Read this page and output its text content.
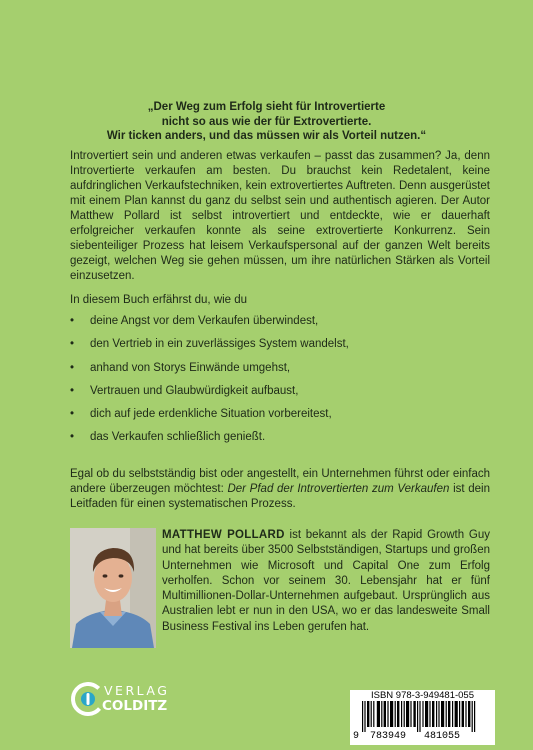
„Der Weg zum Erfolg sieht für Introvertierte
nicht so aus wie der für Extrovertierte.
Wir ticken anders, und das müssen wir als Vorteil nutzen.“
Introvertiert sein und anderen etwas verkaufen – passt das zusammen? Ja, denn Introvertierte verkaufen am besten. Du brauchst kein Redetalent, keine aufdringlichen Verkaufstechniken, kein extrovertiertes Auftreten. Denn ausgerüstet mit einem Plan kannst du ganz du selbst sein und authentisch agieren. Der Autor Matthew Pollard ist selbst introvertiert und entdeckte, wie er dauerhaft erfolgreicher verkaufen konnte als seine extrovertierte Konkurrenz. Sein siebenteiliger Prozess hat leisem Verkaufspersonal auf der ganzen Welt bereits gezeigt, welchen Weg sie gehen müssen, um ihre natürlichen Stärken als Vorteil einzusetzen.
In diesem Buch erfährst du, wie du
• deine Angst vor dem Verkaufen überwindest,
• den Vertrieb in ein zuverlässiges System wandelst,
• anhand von Storys Einwände umgehst,
• Vertrauen und Glaubwürdigkeit aufbaust,
• dich auf jede erdenkliche Situation vorbereitest,
• das Verkaufen schließlich genießt.
Egal ob du selbstständig bist oder angestellt, ein Unternehmen führst oder einfach andere überzeugen möchtest: Der Pfad der Introvertierten zum Verkaufen ist dein Leitfaden für einen systematischen Prozess.
MATTHEW POLLARD ist bekannt als der Rapid Growth Guy und hat bereits über 3500 Selbstständigen, Startups und großen Unternehmen wie Microsoft und Capital One zum Erfolg verholfen. Schon vor seinem 30. Lebensjahr hat er fünf Multimillionen-Dollar-Unternehmen aufgebaut. Ursprünglich aus Australien lebt er nun in den USA, wo er das landesweite Small Business Festival ins Leben gerufen hat.
VERLAG
COLDITZ
ISBN 978-3-949481-055
9 783949 481055
